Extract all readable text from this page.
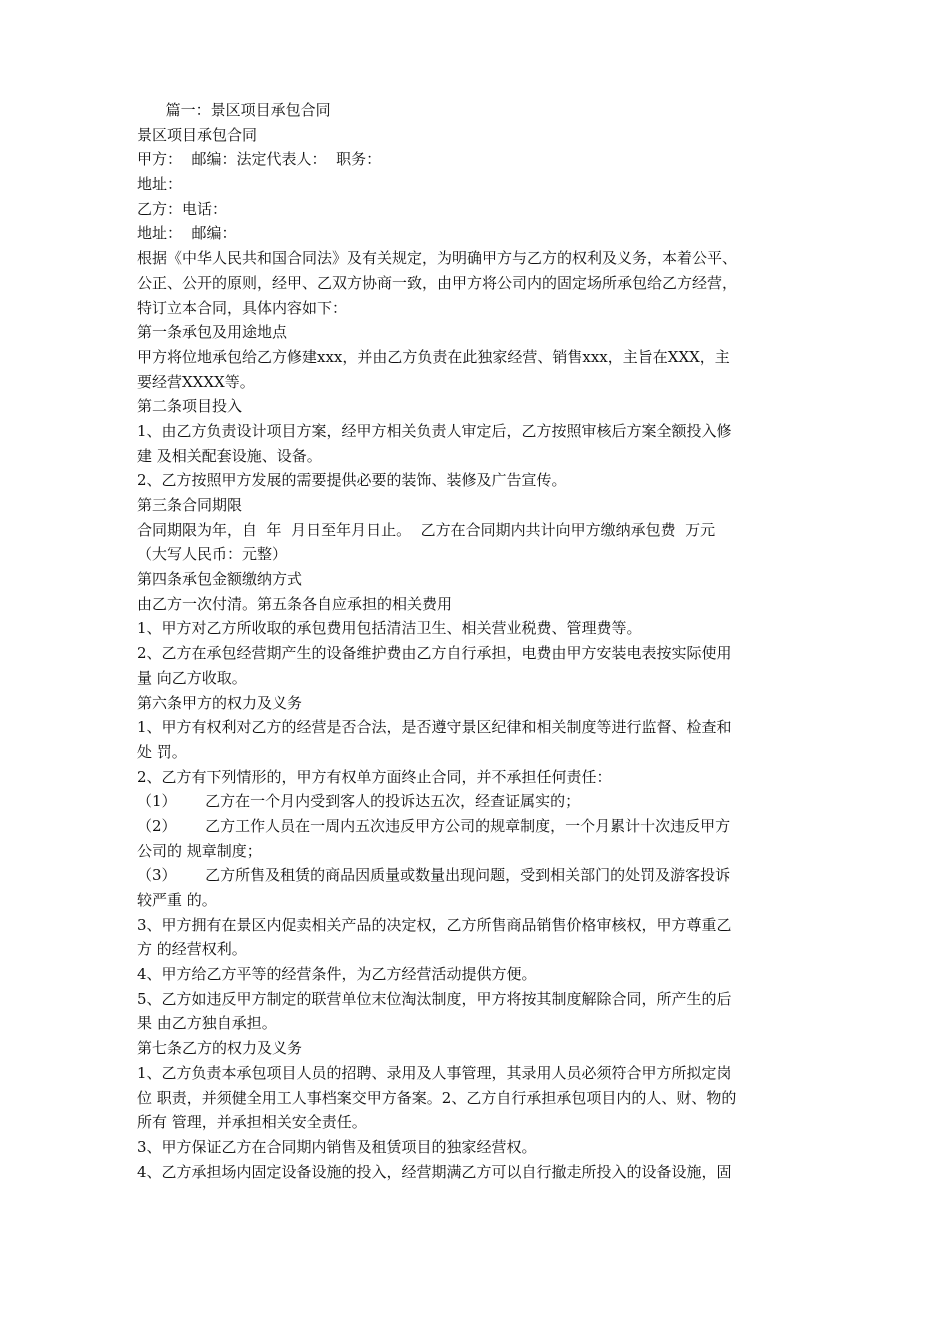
篇一：景区项目承包合同
景区项目承包合同
甲方：  邮编：法定代表人：  职务：
地址：
乙方：电话：
地址：  邮编：
根据《中华人民共和国合同法》及有关规定，为明确甲方与乙方的权利及义务，本着公平、
公正、公开的原则，经甲、乙双方协商一致，由甲方将公司内的固定场所承包给乙方经营，
特订立本合同，具体内容如下：
第一条承包及用途地点
甲方将位地承包给乙方修建xxx，并由乙方负责在此独家经营、销售xxx，主旨在XXX，主
要经营XXXX等。
第二条项目投入
1、由乙方负责设计项目方案，经甲方相关负责人审定后，乙方按照审核后方案全额投入修
建 及相关配套设施、设备。
2、乙方按照甲方发展的需要提供必要的装饰、装修及广告宣传。
第三条合同期限
合同期限为年，自  年  月日至年月日止。  乙方在合同期内共计向甲方缴纳承包费  万元
（大写人民币：元整）
第四条承包金额缴纳方式
由乙方一次付清。第五条各自应承担的相关费用
1、甲方对乙方所收取的承包费用包括清洁卫生、相关营业税费、管理费等。
2、乙方在承包经营期产生的设备维护费由乙方自行承担，电费由甲方安装电表按实际使用
量 向乙方收取。
第六条甲方的权力及义务
1、甲方有权利对乙方的经营是否合法，是否遵守景区纪律和相关制度等进行监督、检查和
处 罚。
2、乙方有下列情形的，甲方有权单方面终止合同，并不承担任何责任：
（1）      乙方在一个月内受到客人的投诉达五次，经查证属实的；
（2）      乙方工作人员在一周内五次违反甲方公司的规章制度，一个月累计十次违反甲方
公司的 规章制度；
（3）      乙方所售及租赁的商品因质量或数量出现问题，受到相关部门的处罚及游客投诉
较严重 的。
3、甲方拥有在景区内促卖相关产品的决定权，乙方所售商品销售价格审核权，甲方尊重乙
方 的经营权利。
4、甲方给乙方平等的经营条件，为乙方经营活动提供方便。
5、乙方如违反甲方制定的联营单位末位淘汰制度，甲方将按其制度解除合同，所产生的后
果 由乙方独自承担。
第七条乙方的权力及义务
1、乙方负责本承包项目人员的招聘、录用及人事管理，其录用人员必须符合甲方所拟定岗
位 职责，并须健全用工人事档案交甲方备案。2、乙方自行承担承包项目内的人、财、物的
所有 管理，并承担相关安全责任。
3、甲方保证乙方在合同期内销售及租赁项目的独家经营权。
4、乙方承担场内固定设备设施的投入，经营期满乙方可以自行撤走所投入的设备设施，固
